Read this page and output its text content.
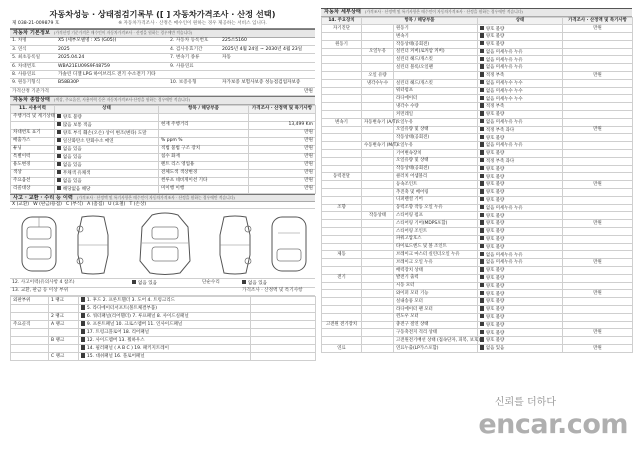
자동차성능 · 상태점검기록부 ([ ] 자동차가격조사 · 산정 선택)
제 038-21-009879 호	※ 자동차가격조사 · 산정은 매수인이 원하는 경우 제공하는 서비스 입니다.
자동차 기본정보 (가격산정 기준가격은 매수인이 자동차가격조사 · 산정을 원하는 경우에만 적습니다)
1. 차명	X5 (세부모델명 : X5 (G05))	2. 자동차 등록번호	225소5160
3. 연식	2025	4. 검사유효기간	2025년 4월 24일 ~ 2030년 4월 23일
5. 최초등록일	2025.04.24	7. 변속기 종류	자동
6. 차대번호	WBA21EU09S9F48759	9. 사용연료
8. 사용연료	가솔린 디젤 LPG 하이브리드 전기 수소전기 기타
9. 원동기형식	B58B30P	10. 보증유형	자가보증 보험사보증 성능점검업자보증
가격산정 기준가격	만원
자동차 종합상태 (색상, 주요옵션, 사용이력 등은 자동차가격조사·산정을 원하는 경우에만 적습니다)
11. 사용이력	상태	항목 / 해당부품	가격조사 · 산정액 및 특기사항
주행거리 및 계기상태	양호 불량		
	많음 보통 적음	현재 주행거리	13,499 Km
차대번호 표기	양호 부식 훼손(오손) 상이 변조(변타) 도말		만원
배출가스	일산화탄소 탄화수소 매연	% ppm %	만원
튜닝	없음 있음	적법 불법 구조 장치	만원
특별이력	없음 있음	침수 화재	만원
용도변경	없음 있음	렌트 리스 영업용	만원
색상	무채색 유채색	전체도색 색상변경	만원
주요옵션	없음 있음	썬루프 네비게이션 기타	만원
리콜대상	해당없음 해당	미이행 이행	만원
사고 · 교환 · 수리 등 이력 (가격조사 · 산정액 및 특기사항은 매수인이 자동차가격조사 · 산정을 원하는 경우에만 적습니다)
X (교환) W (판금/용접) C (부식) A (흠집) U (요철) T (손상)
12. 사고이력(유의사항 4 참조)	없음 있음	단순수리	없음 있음
13. 교환, 판금 등 이상 부위	가격조사 · 산정액 및 특기사항
외판부위	1 랭크	1. 후드 2. 프론트휀더 3. 도어 4. 트렁크리드	
		5. 라디에이터서포트(볼트체결부품)	
	2 랭크	6. 쿼터패널(리어휀더) 7. 루프패널 8. 사이드실패널	
주요골격	A 랭크	9. 프론트패널 10. 크로스멤버 11. 인사이드패널	
		17. 트렁크플로어 18. 리어패널	
	B 랭크	12. 사이드멤버 13. 휠하우스	
		14. 필러패널 ( A B C ) 19. 패키지트레이	
	C 랭크	15. 대쉬패널 16. 플로어패널	
자동차 세부상태 (가격조사 · 산정액 및 특기사항은 매수인이 자동차가격조사 · 산정을 원하는 경우에만 적습니다)
14. 주요장치	항목 / 해당부품		상태	가격조사 · 산정액 및 특기사항
자기진단		원동기	양호 불량	만원
		변속기	양호 불량	
원동기		작동상태(공회전)	양호 불량	
	오일누유	실린더 커버(로커암 커버)	없음 미세누유 누유	
		실린더 헤드/개스킷	없음 미세누유 누유	
		실린더 블록/오일팬	없음 미세누유 누유	
	오일 유량		적정 부족	만원
	냉각수누수	실린더 헤드/개스킷	없음 미세누수 누수	
		워터펌프	없음 미세누수 누수	
		라디에이터	없음 미세누수 누수	
		냉각수 수량	적정 부족	
		커먼레일	양호 불량	
변속기	자동변속기 (A/T)	오일누유	없음 미세누유 누유	
		오일유량 및 상태	적정 부족 과다	만원
		작동상태(공회전)	양호 불량	
	수동변속기 (M/T)	오일누유	없음 미세누유 누유	
		기어변속장치	양호 불량	
		오일유량 및 상태	적정 부족 과다	
		작동상태(공회전)	양호 불량	
동력전달		클러치 어셈블리	양호 불량	
		등속조인트	양호 불량	만원
		추진축 및 베어링	양호 불량	
		디퍼렌셜 기어	양호 불량	
조향		동력조향 작동 오일 누유	없음 미세누유 누유	
	작동상태	스티어링 펌프	양호 불량	
		스티어링 기어(MDPS포함)	양호 불량	만원
		스티어링 조인트	양호 불량	
		파워고압호스	양호 불량	
		타이로드엔드 및 볼 조인트	양호 불량	
제동		브레이크 마스터 실린더오일 누유	없음 미세누유 누유	
		브레이크 오일 누유	없음 미세누유 누유	만원
		배력장치 상태	양호 불량	
전기		발전기 출력	양호 불량	
		시동 모터	양호 불량	
		와이퍼 모터 기능	양호 불량	만원
		실내송풍 모터	양호 불량	
		라디에이터 팬 모터	양호 불량	
		윈도우 모터	양호 불량	
고전원 전기장치		충전구 절연 상태	양호 불량	
		구동축전지 격리 상태	양호 불량	만원
		고전원전기배선 상태 (접속단자, 피복, 보호)	양호 불량	
연료		연료누출(LP가스포함)	없음 있음	만원
신뢰를 더하다
encar.com
